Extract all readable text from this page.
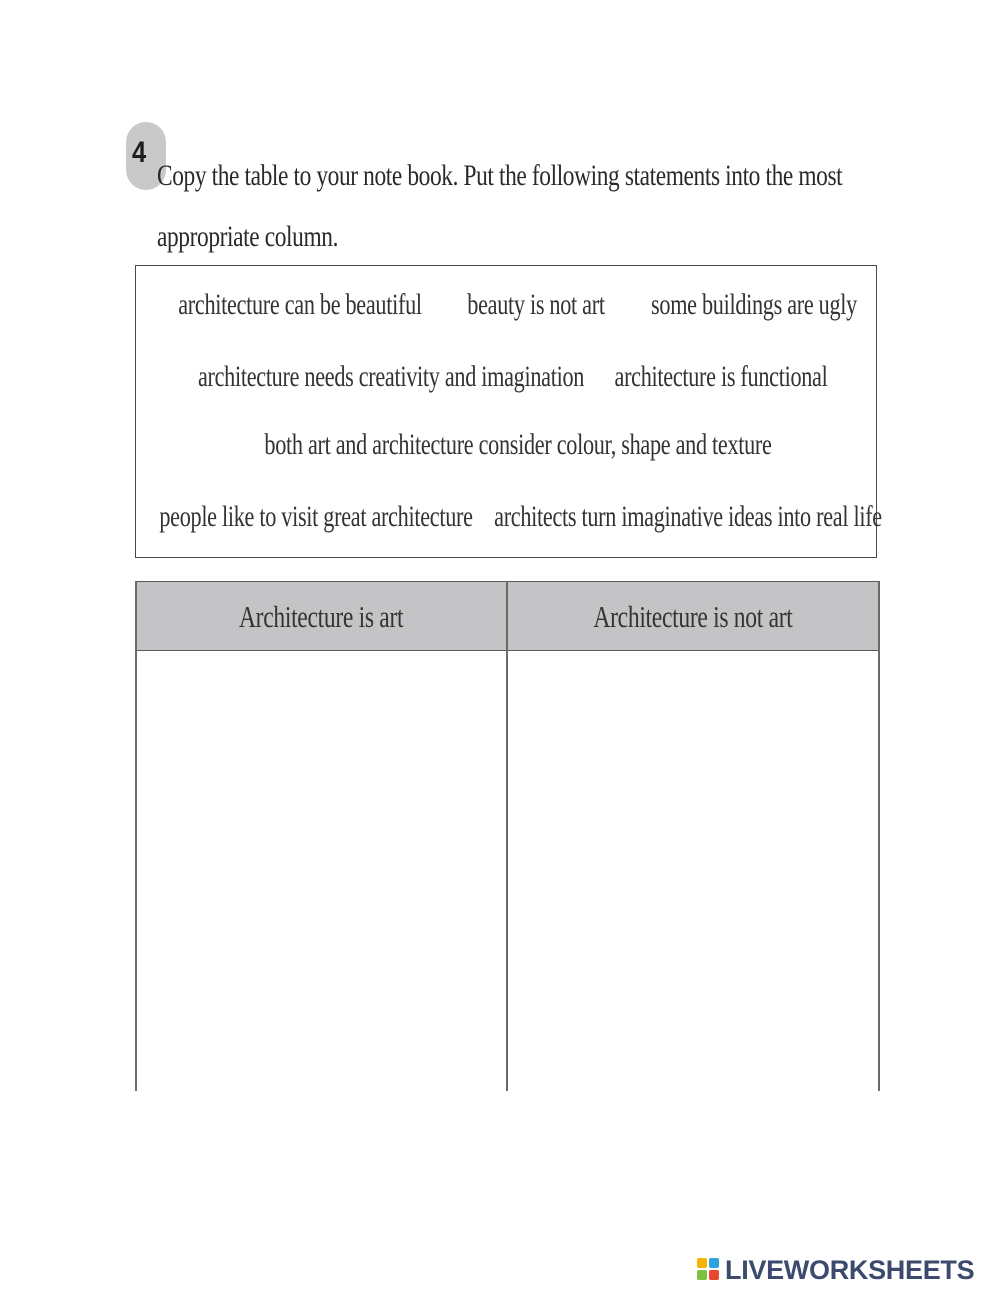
4
Copy the table to your note book. Put the following statements into the most
appropriate column.
architecture can be beautiful beauty is not art some buildings are ugly
architecture needs creativity and imagination architecture is functional
both art and architecture consider colour, shape and texture
people like to visit great architecture architects turn imaginative ideas into real life
Architecture is art	Architecture is not art
LIVEWORKSHEETS
